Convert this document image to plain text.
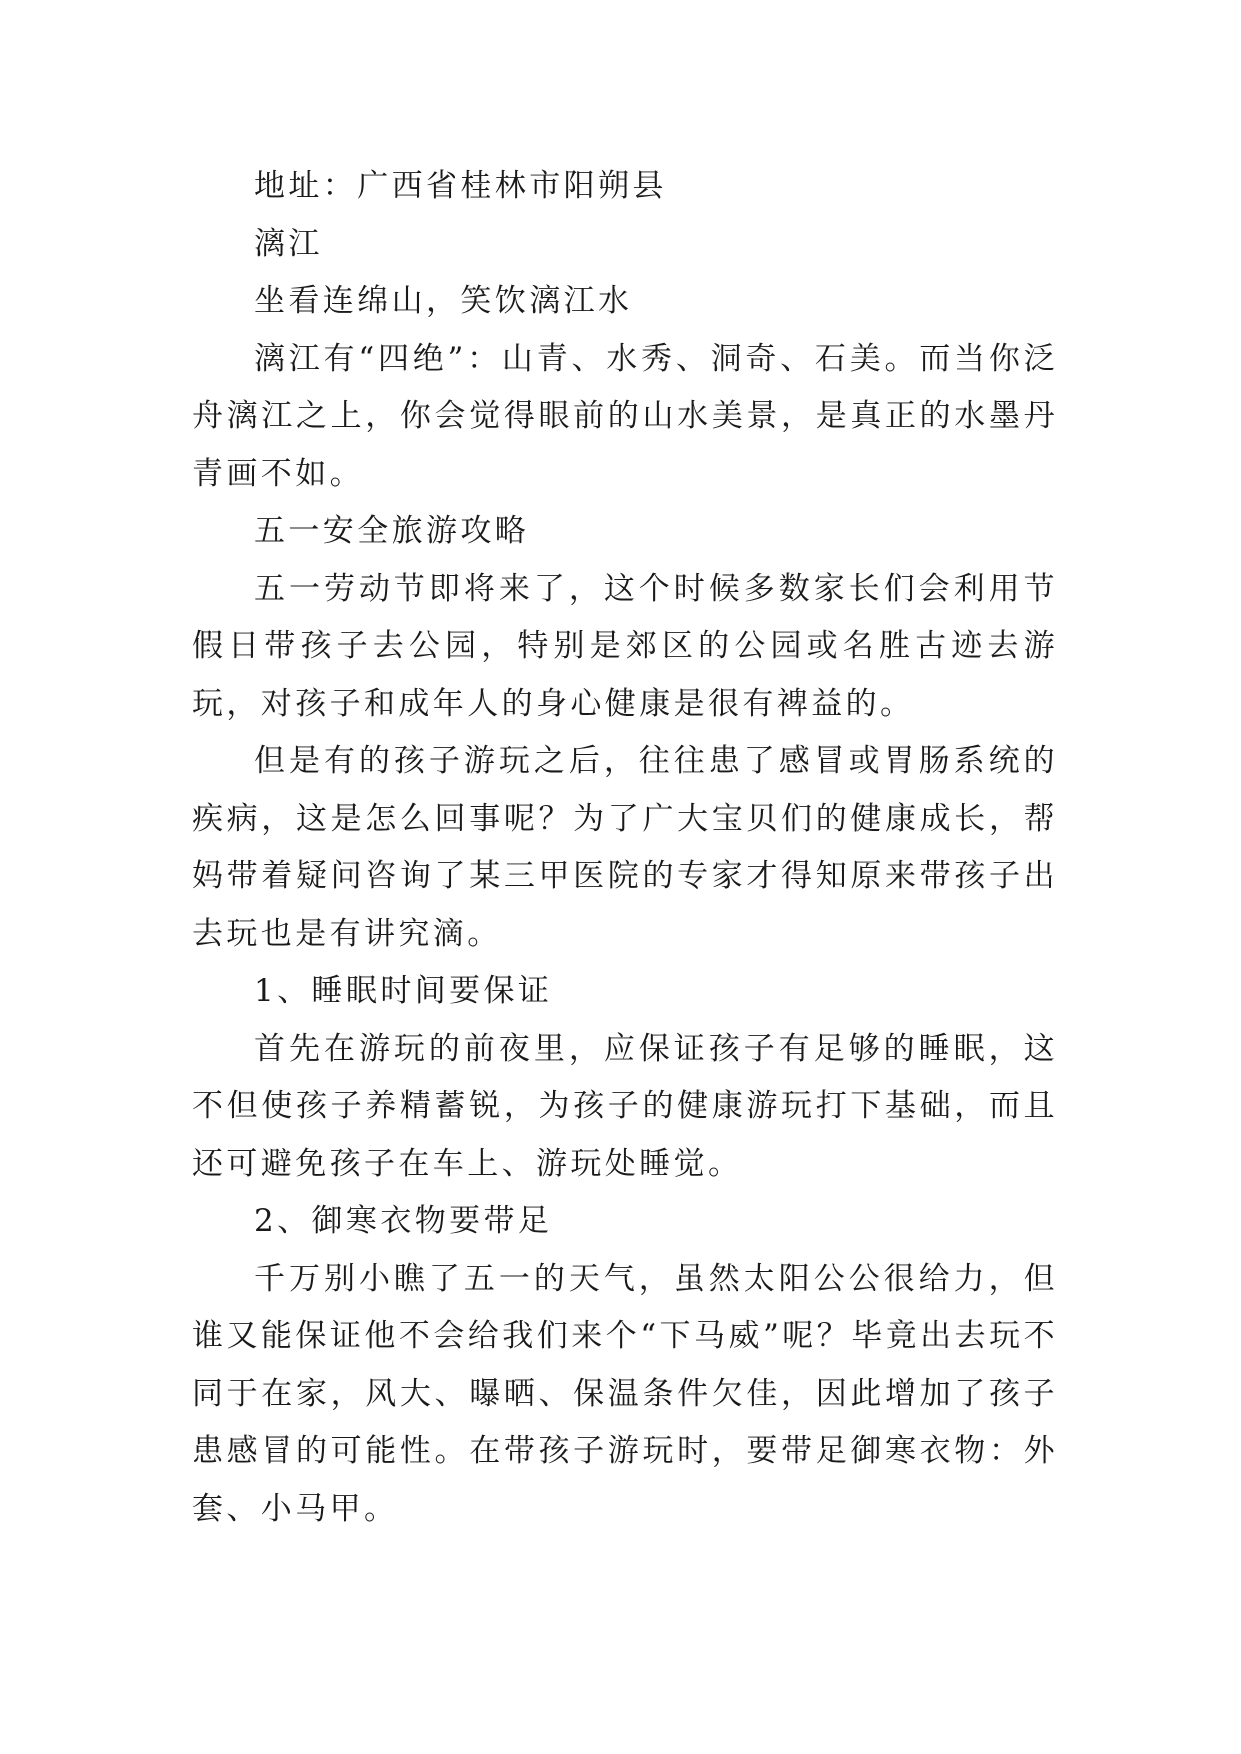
地址：广西省桂林市阳朔县

漓江

坐看连绵山，笑饮漓江水

漓江有“四绝”：山青、水秀、洞奇、石美。而当你泛舟漓江之上，你会觉得眼前的山水美景，是真正的水墨丹青画不如。

五一安全旅游攻略

五一劳动节即将来了，这个时候多数家长们会利用节假日带孩子去公园，特别是郊区的公园或名胜古迹去游玩，对孩子和成年人的身心健康是很有裨益的。

但是有的孩子游玩之后，往往患了感冒或胃肠系统的疾病，这是怎么回事呢？为了广大宝贝们的健康成长，帮妈带着疑问咨询了某三甲医院的专家才得知原来带孩子出去玩也是有讲究滴。

1、睡眠时间要保证

首先在游玩的前夜里，应保证孩子有足够的睡眠，这不但使孩子养精蓄锐，为孩子的健康游玩打下基础，而且还可避免孩子在车上、游玩处睡觉。

2、御寒衣物要带足

千万别小瞧了五一的天气，虽然太阳公公很给力，但谁又能保证他不会给我们来个“下马威”呢？毕竟出去玩不同于在家，风大、曝晒、保温条件欠佳，因此增加了孩子患感冒的可能性。在带孩子游玩时，要带足御寒衣物：外套、小马甲。
